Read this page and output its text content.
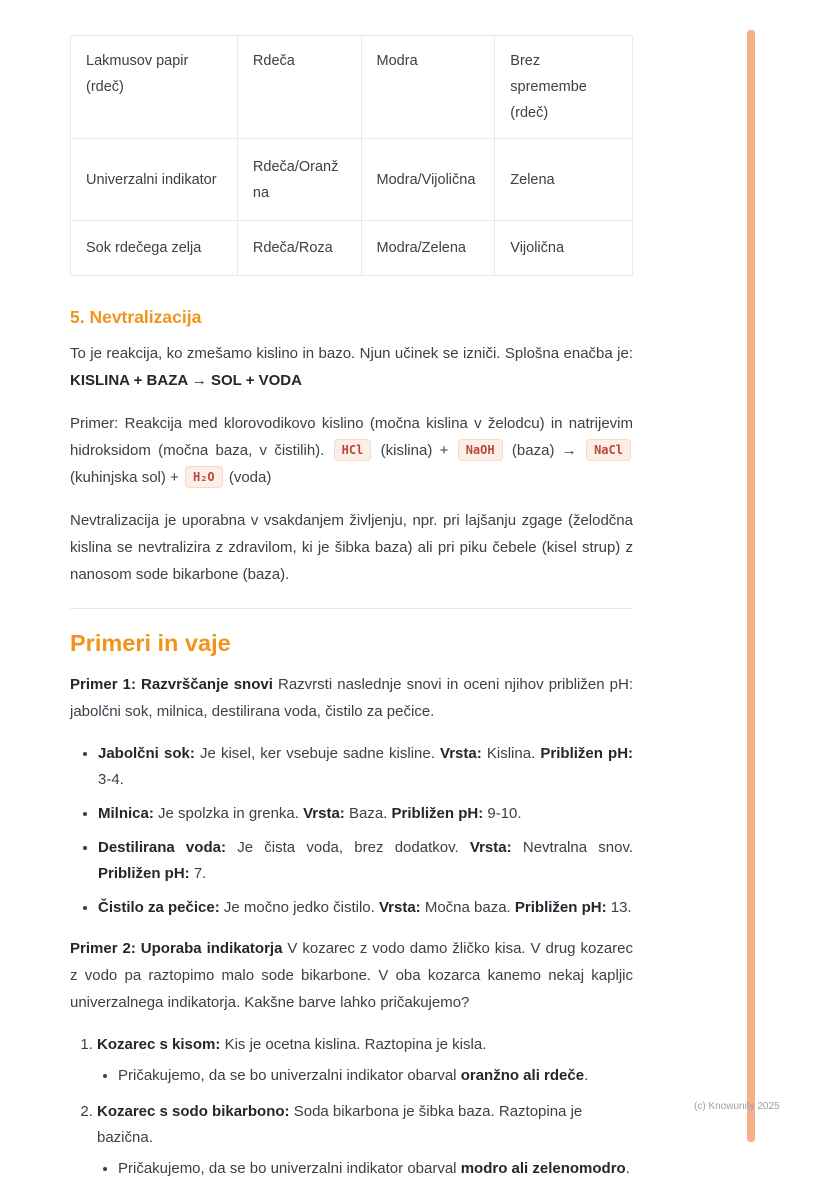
Lakmusov papir (rdeč)	Rdeča	Modra	Brez spremembe (rdeč)
Univerzalni indikator	Rdeča/Oranžna	Modra/Vijolična	Zelena
Sok rdečega zelja	Rdeča/Roza	Modra/Zelena	Vijolična
5. Nevtralizacija

To je reakcija, ko zmešamo kislino in bazo. Njun učinek se izniči. Splošna enačba je: KISLINA + BAZA → SOL + VODA

Primer: Reakcija med klorovodikovo kislino (močna kislina v želodcu) in natrijevim hidroksidom (močna baza, v čistilih). HCl (kislina) + NaOH (baza) → NaCl (kuhinjska sol) + H₂O (voda)

Nevtralizacija je uporabna v vsakdanjem življenju, npr. pri lajšanju zgage (želodčna kislina se nevtralizira z zdravilom, ki je šibka baza) ali pri piku čebele (kisel strup) z nanosom sode bikarbone (baza).

Primeri in vaje

Primer 1: Razvrščanje snovi Razvrsti naslednje snovi in oceni njihov približen pH: jabolčni sok, milnica, destilirana voda, čistilo za pečice.

• Jabolčni sok: Je kisel, ker vsebuje sadne kisline. Vrsta: Kislina. Približen pH: 3-4.
• Milnica: Je spolzka in grenka. Vrsta: Baza. Približen pH: 9-10.
• Destilirana voda: Je čista voda, brez dodatkov. Vrsta: Nevtralna snov. Približen pH: 7.
• Čistilo za pečice: Je močno jedko čistilo. Vrsta: Močna baza. Približen pH: 13.

Primer 2: Uporaba indikatorja V kozarec z vodo damo žličko kisa. V drug kozarec z vodo pa raztopimo malo sode bikarbone. V oba kozarca kanemo nekaj kapljic univerzalnega indikatorja. Kakšne barve lahko pričakujemo?

1. Kozarec s kisom: Kis je ocetna kislina. Raztopina je kisla.
• Pričakujemo, da se bo univerzalni indikator obarval oranžno ali rdeče.
2. Kozarec s sodo bikarbono: Soda bikarbona je šibka baza. Raztopina je bazična.
• Pričakujemo, da se bo univerzalni indikator obarval modro ali zelenomodro.
(c) Knowunity 2025
